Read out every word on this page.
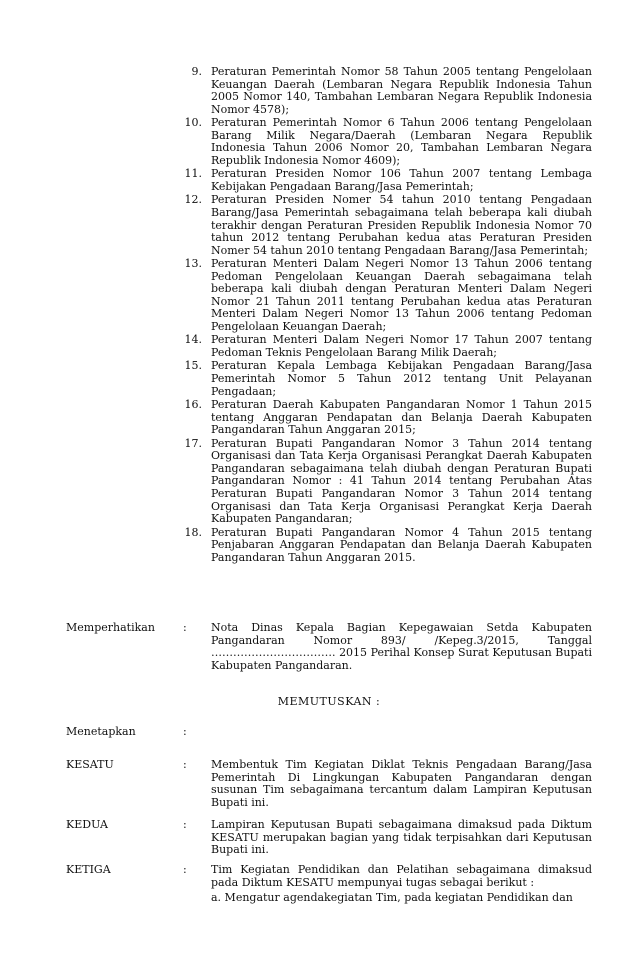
9. Peraturan Pemerintah Nomor 58 Tahun 2005 tentang Pengelolaan Keuangan Daerah (Lembaran Negara Republik Indonesia Tahun 2005 Nomor 140, Tambahan Lembaran Negara Republik Indonesia Nomor 4578);
10. Peraturan Pemerintah Nomor 6 Tahun 2006 tentang Pengelolaan Barang Milik Negara/Daerah (Lembaran Negara Republik Indonesia Tahun 2006 Nomor 20, Tambahan Lembaran Negara Republik Indonesia Nomor 4609);
11. Peraturan Presiden Nomor 106 Tahun 2007 tentang Lembaga Kebijakan Pengadaan Barang/Jasa Pemerintah;
12. Peraturan Presiden Nomer 54 tahun 2010 tentang Pengadaan Barang/Jasa Pemerintah sebagaimana telah beberapa kali diubah terakhir dengan Peraturan Presiden Republik Indonesia Nomor 70 tahun 2012 tentang Perubahan kedua atas Peraturan Presiden Nomer 54 tahun 2010 tentang Pengadaan Barang/Jasa Pemerintah;
13. Peraturan Menteri Dalam Negeri Nomor 13 Tahun 2006 tentang Pedoman Pengelolaan Keuangan Daerah sebagaimana telah beberapa kali diubah dengan Peraturan Menteri Dalam Negeri Nomor 21 Tahun 2011 tentang Perubahan kedua atas Peraturan Menteri Dalam Negeri Nomor 13 Tahun 2006 tentang Pedoman Pengelolaan Keuangan Daerah;
14. Peraturan Menteri Dalam Negeri Nomor 17 Tahun 2007 tentang Pedoman Teknis Pengelolaan Barang Milik Daerah;
15. Peraturan Kepala Lembaga Kebijakan Pengadaan Barang/Jasa Pemerintah Nomor 5 Tahun 2012 tentang Unit Pelayanan Pengadaan;
16. Peraturan Daerah Kabupaten Pangandaran Nomor 1 Tahun 2015 tentang Anggaran Pendapatan dan Belanja Daerah Kabupaten Pangandaran Tahun Anggaran 2015;
17. Peraturan Bupati Pangandaran Nomor 3 Tahun 2014 tentang Organisasi dan Tata Kerja Organisasi Perangkat Daerah Kabupaten Pangandaran sebagaimana telah diubah dengan Peraturan Bupati Pangandaran Nomor : 41 Tahun 2014 tentang Perubahan Atas Peraturan Bupati Pangandaran Nomor 3 Tahun 2014 tentang Organisasi dan Tata Kerja Organisasi Perangkat Kerja Daerah Kabupaten Pangandaran;
18. Peraturan Bupati Pangandaran Nomor 4 Tahun 2015 tentang Penjabaran Anggaran Pendapatan dan Belanja Daerah Kabupaten Pangandaran Tahun Anggaran 2015.
Memperhatikan	: Nota Dinas Kepala Bagian Kepegawaian Setda Kabupaten Pangandaran Nomor 893/ /Kepeg.3/2015, Tanggal ……………………………. 2015 Perihal Konsep Surat Keputusan Bupati Kabupaten Pangandaran.
MEMUTUSKAN :
Menetapkan	:
KESATU	: Membentuk Tim Kegiatan Diklat Teknis Pengadaan Barang/Jasa Pemerintah Di Lingkungan Kabupaten Pangandaran dengan susunan Tim sebagaimana tercantum dalam Lampiran Keputusan Bupati ini.
KEDUA	: Lampiran Keputusan Bupati sebagaimana dimaksud pada Diktum KESATU merupakan bagian yang tidak terpisahkan dari Keputusan Bupati ini.
KETIGA	: Tim Kegiatan Pendidikan dan Pelatihan sebagaimana dimaksud pada Diktum KESATU mempunyai tugas sebagai berikut :
a. Mengatur agendakegiatan Tim, pada kegiatan Pendidikan dan
